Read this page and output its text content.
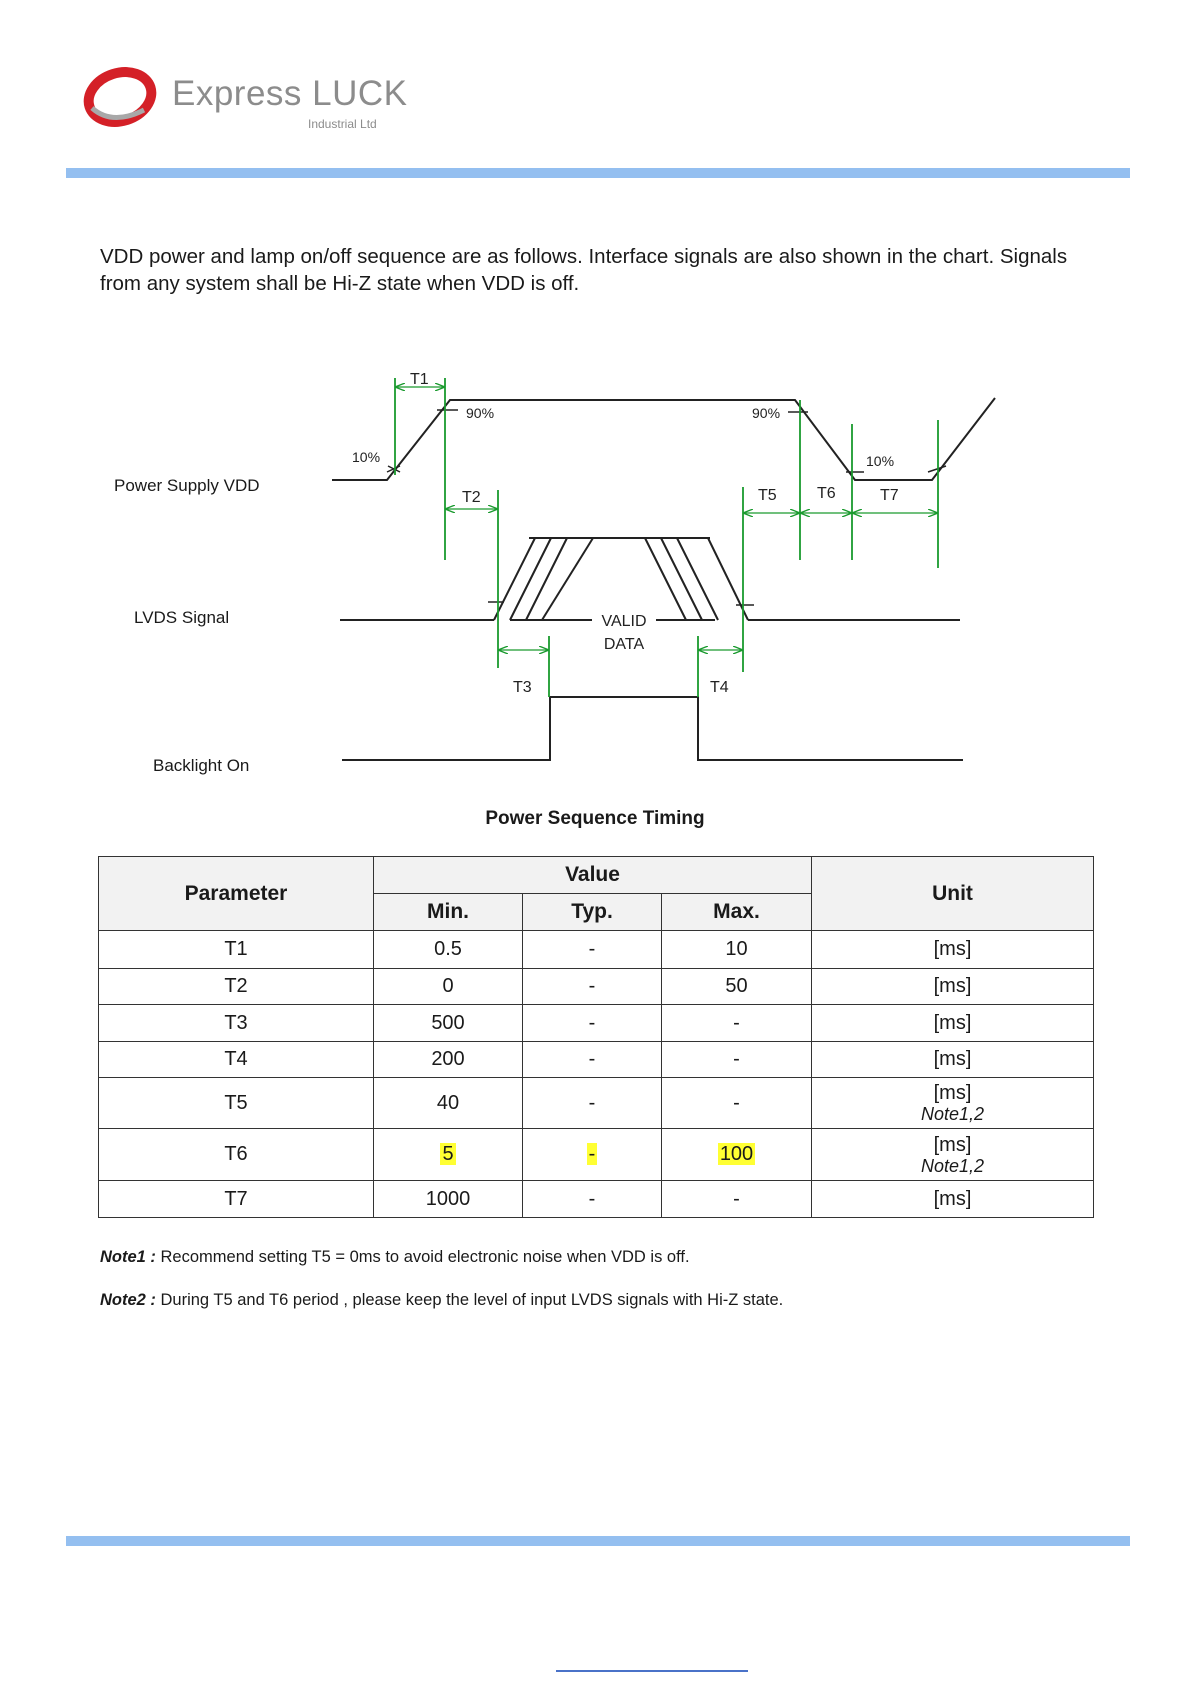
Express LUCK
Industrial Ltd

VDD power and lamp on/off sequence are as follows. Interface signals are also shown in the chart. Signals from any system shall be Hi-Z state when VDD is off.

T1
T2
T3	T4
T5	T6	T7
10%
90%	90%
10%
VALID
DATA
Power Supply VDD
LVDS Signal
Backlight On
Power Sequence Timing
Parameter	Value			Unit
	Min.	Typ.	Max.	
T1	0.5	-	10	[ms]
T2	0	-	50	[ms]
T3	500	-	-	[ms]
T4	200	-	-	[ms]
T5	40	-	-	[ms]
Note1,2

T6	5	-	100	[ms]
Note1,2

T7	1000	-	-	[ms]

Note1 : Recommend setting T5 = 0ms to avoid electronic noise when VDD is off.

Note2 : During T5 and T6 period , please keep the level of input LVDS signals with Hi-Z state.
